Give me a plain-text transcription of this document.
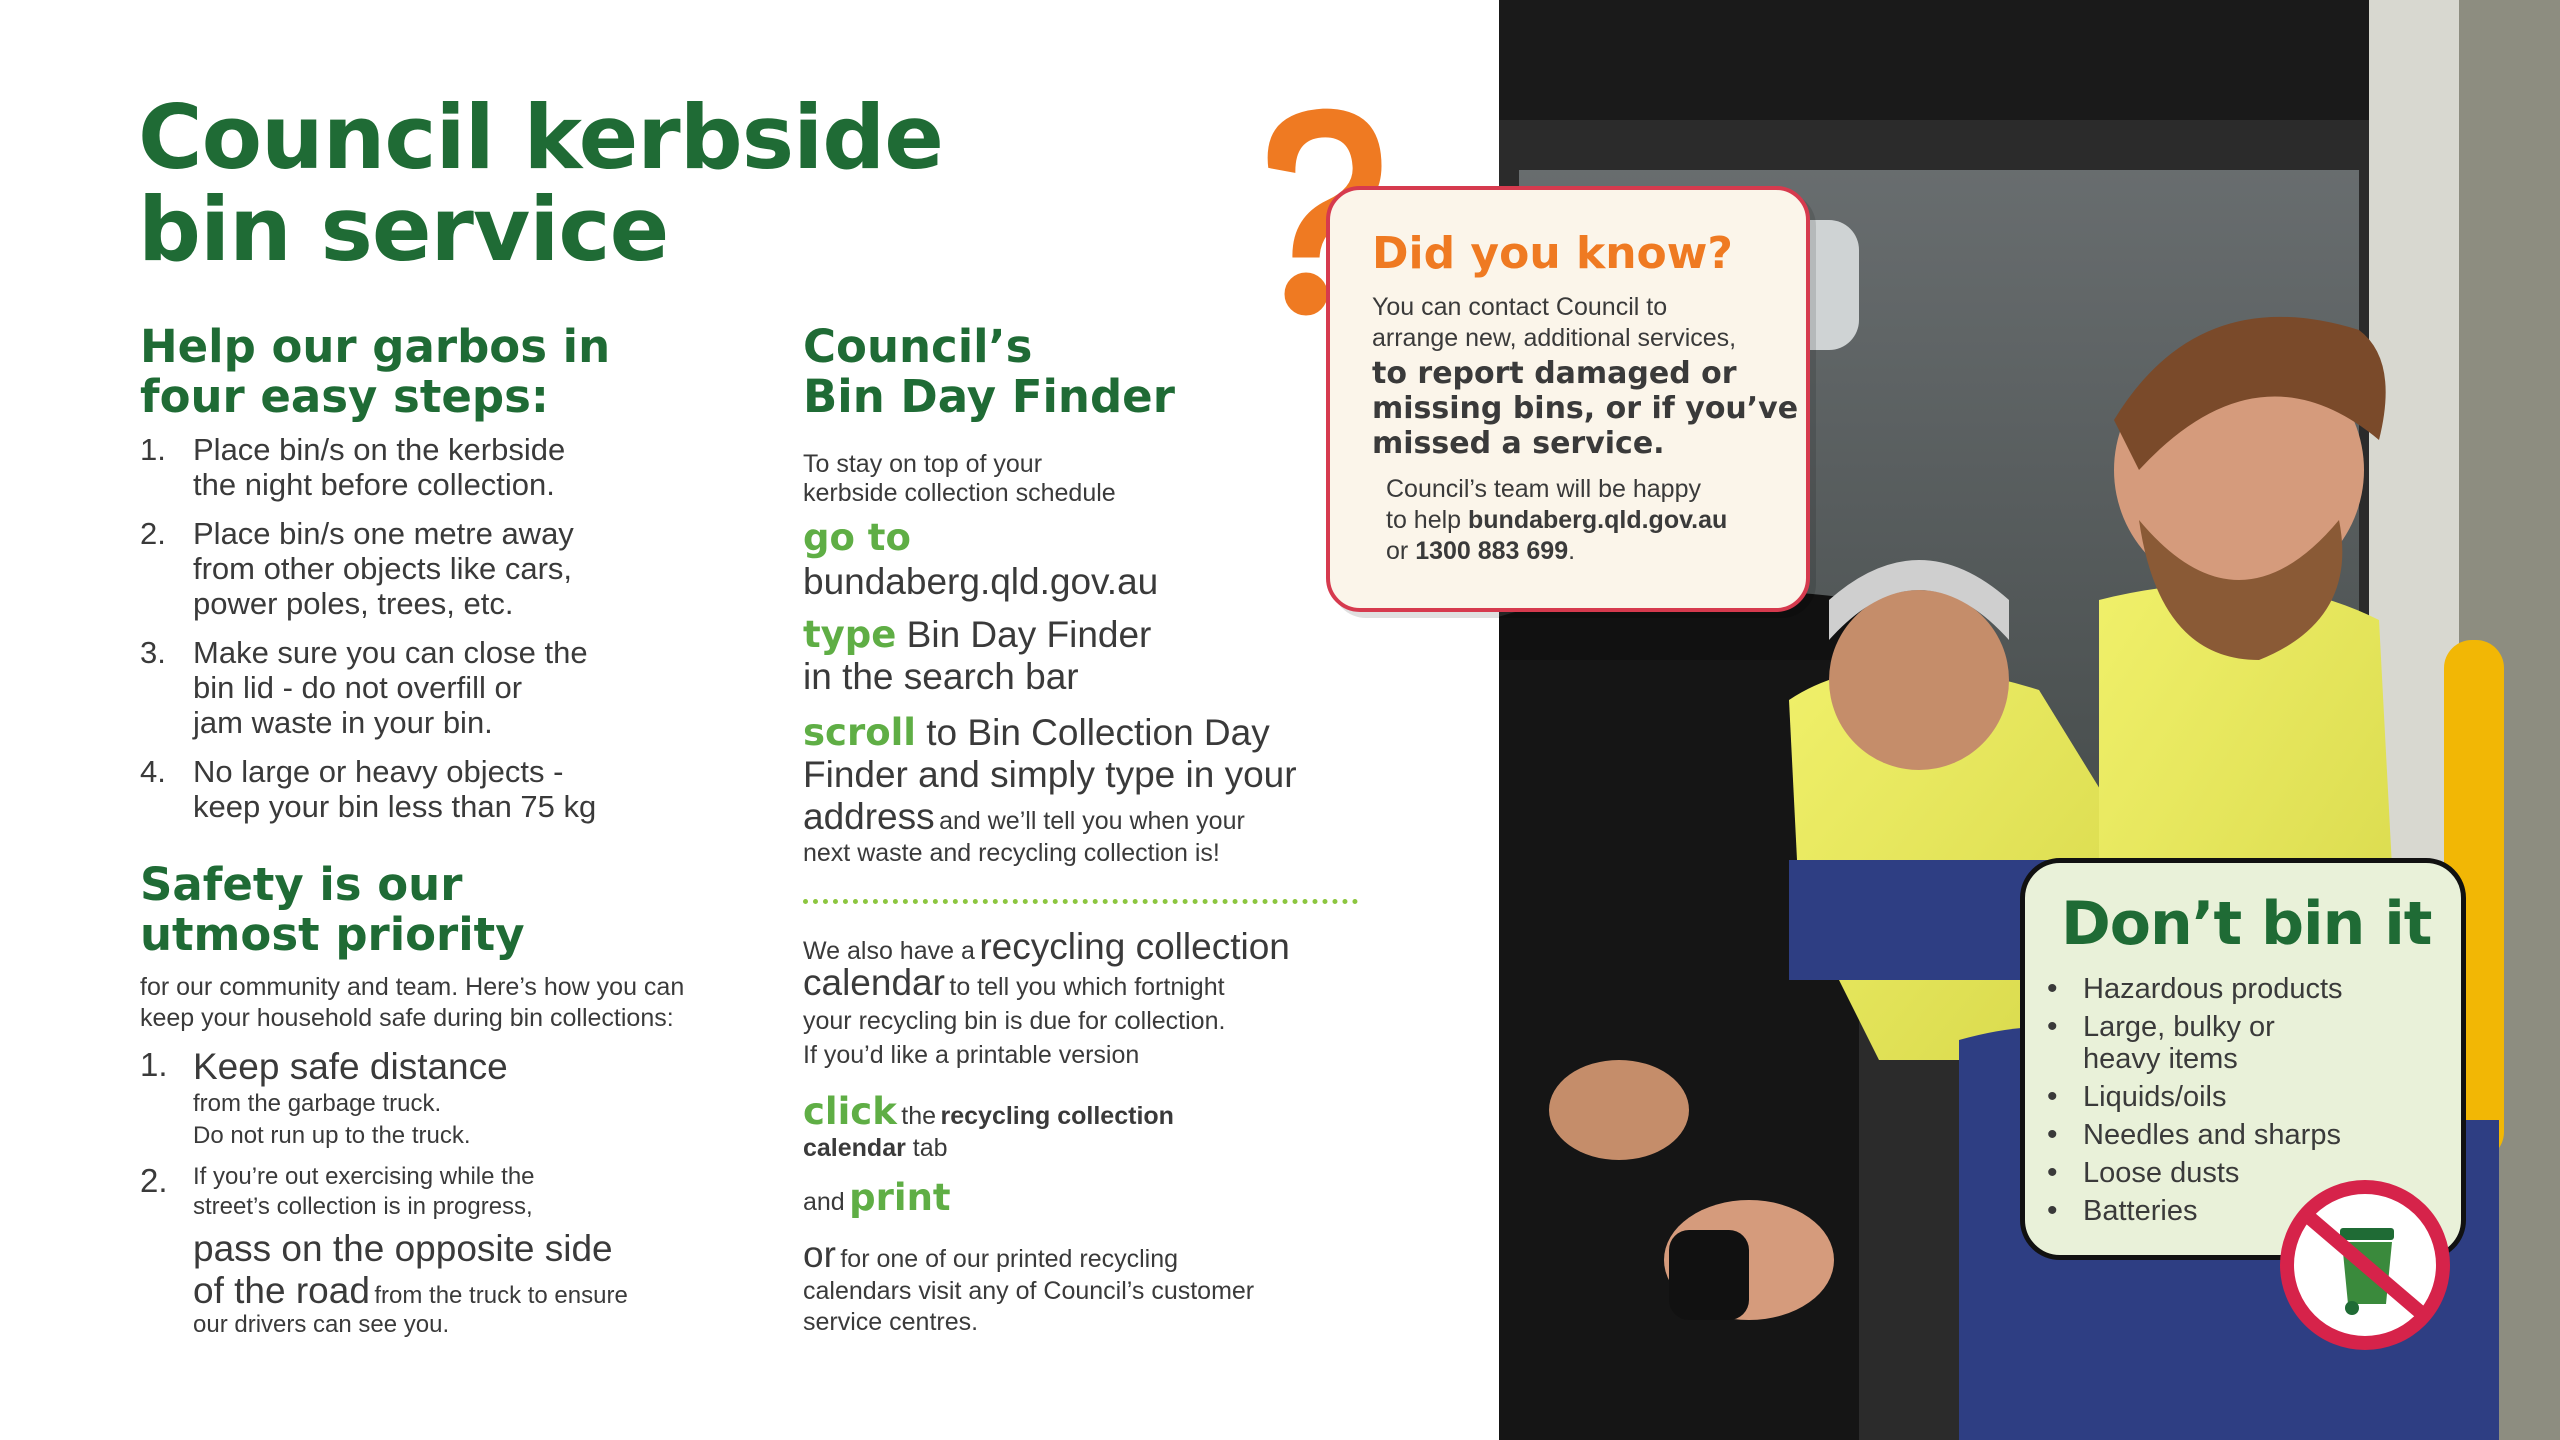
Council kerbside
bin service

Help our garbos in
four easy steps:

1. Place bin/s on the kerbside
the night before collection.
2. Place bin/s one metre away
from other objects like cars,
power poles, trees, etc.
3. Make sure you can close the
bin lid - do not overfill or
jam waste in your bin.
4. No large or heavy objects -
keep your bin less than 75 kg

Safety is our
utmost priority

for our community and team. Here’s how you can
keep your household safe during bin collections:
1. Keep safe distance
from the garbage truck.
Do not run up to the truck.
2. If you’re out exercising while the
street’s collection is in progress,
pass on the opposite side
of the road from the truck to ensure
our drivers can see you.

Council’s
Bin Day Finder

To stay on top of your
kerbside collection schedule
go to
bundaberg.qld.gov.au
type Bin Day Finder
in the search bar
scroll to Bin Collection Day
Finder and simply type in your
address and we’ll tell you when your
next waste and recycling collection is!
We also have a recycling collection
calendar to tell you which fortnight
your recycling bin is due for collection.
If you’d like a printable version
click the recycling collection
calendar tab
and print
or for one of our printed recycling
calendars visit any of Council’s customer
service centres.
Did you know?
You can contact Council to
arrange new, additional services,
to report damaged or
missing bins, or if you’ve
missed a service.
Council’s team will be happy
to help bundaberg.qld.gov.au
or 1300 883 699.
Don’t bin it
• Hazardous products
• Large, bulky or heavy items
• Liquids/oils
• Needles and sharps
• Loose dusts
• Batteries
